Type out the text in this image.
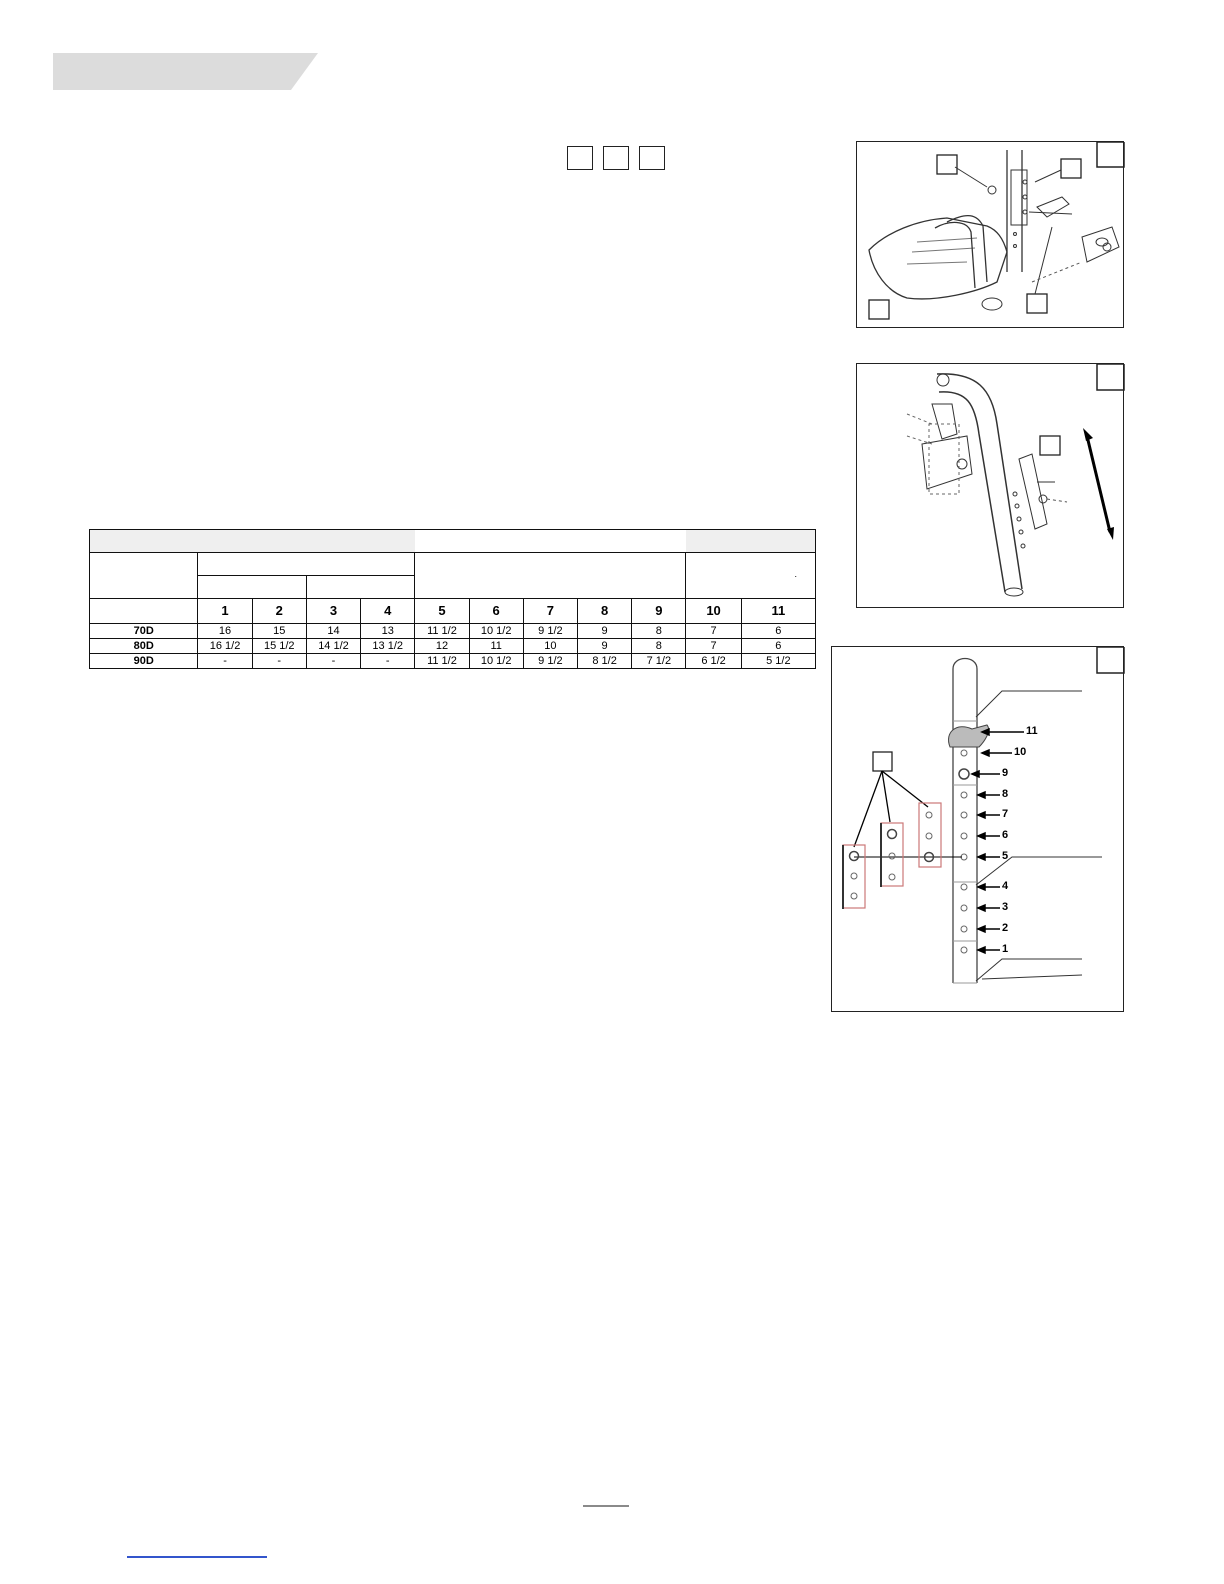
										.	

	1	2	3	4	5	6	7	8	9	10	11
70D	16	15	14	13	11 1/2	10 1/2	9 1/2	9	8	7	6
80D	16 1/2	15 1/2	14 1/2	13 1/2	12	11	10	9	8	7	6
90D	-	-	-	-	11 1/2	10 1/2	9 1/2	8 1/2	7 1/2	6 1/2	5 1/2
11
10
9
8
7
6
5
4
3
2
1
